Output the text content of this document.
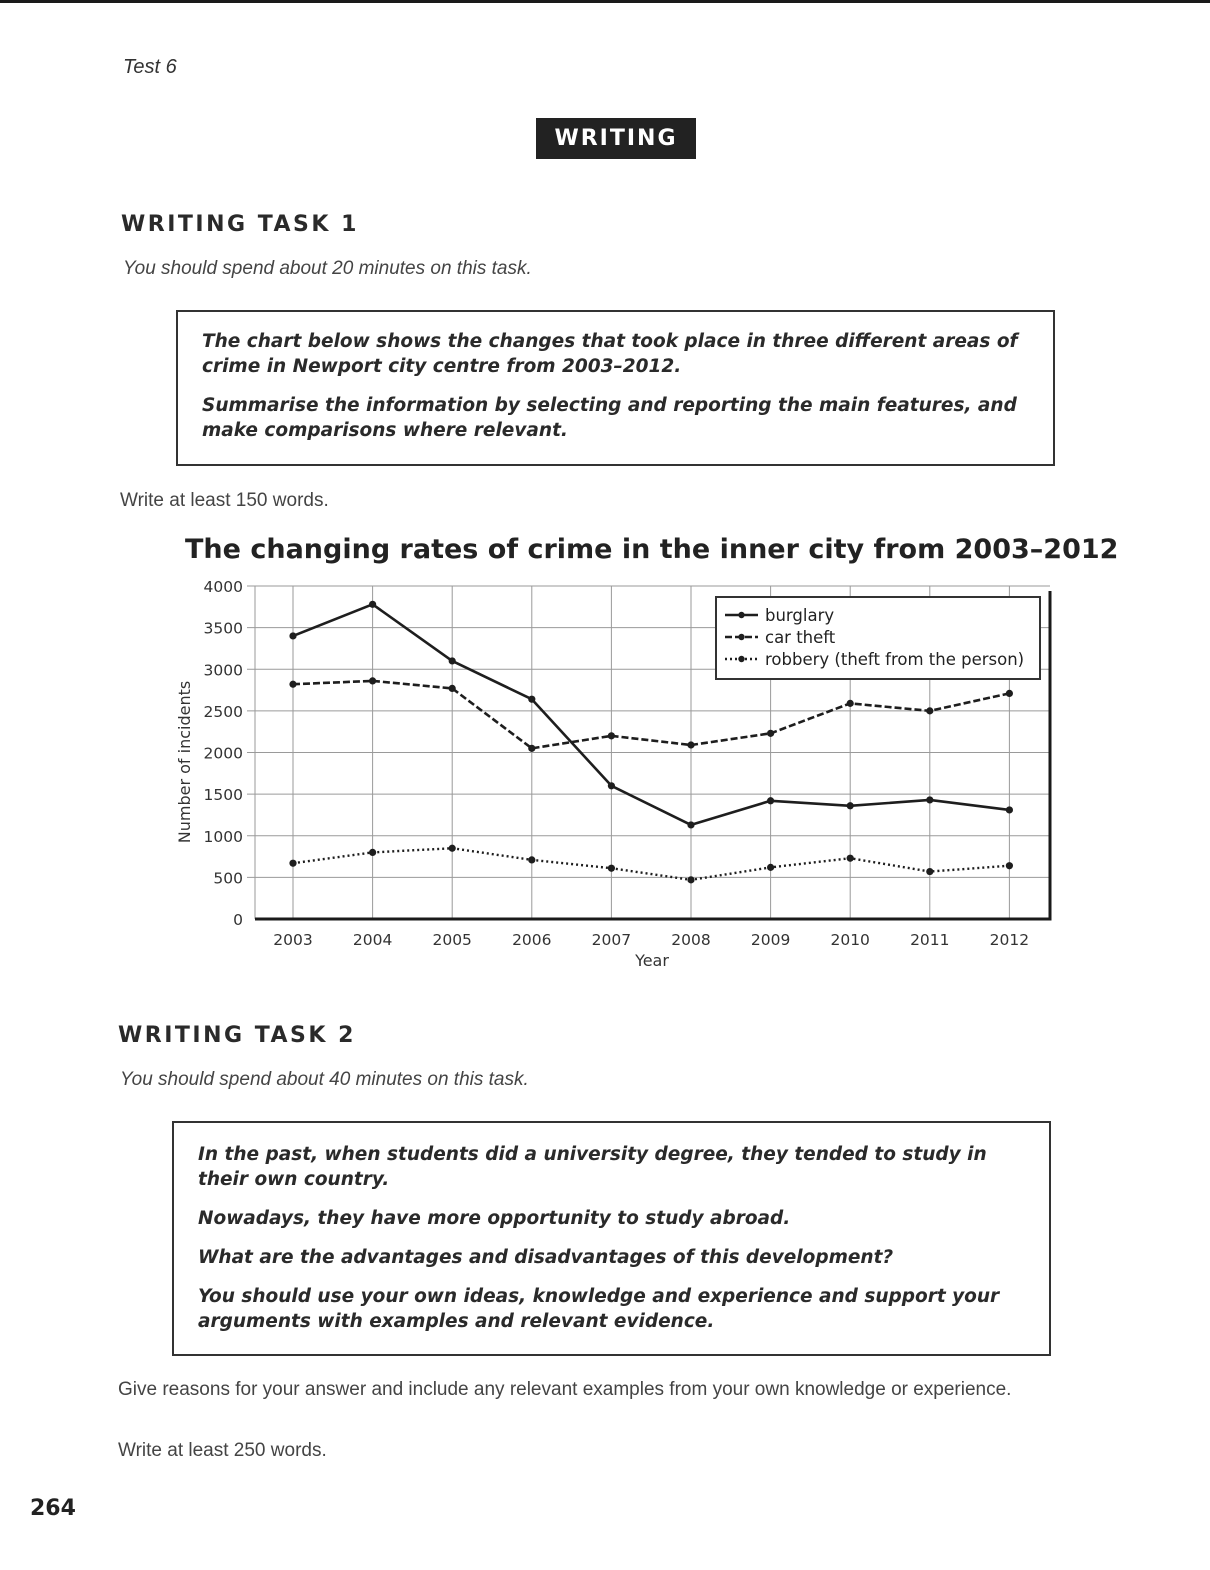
Test 6
WRITING
WRITING TASK 1
You should spend about 20 minutes on this task.

The chart below shows the changes that took place in three different areas of crime in Newport city centre from 2003–2012.

Summarise the information by selecting and reporting the main features, and make comparisons where relevant.

Write at least 150 words.
The changing rates of crime in the inner city from 2003–2012
0
500
1000
1500
2000
2500
3000
3500
4000
2003	2004	2005	2006	2007	2008	2009	2010	2011	2012
burglary
car theft
robbery (theft from the person)
Year
Number of incidents
WRITING TASK 2
You should spend about 40 minutes on this task.

In the past, when students did a university degree, they tended to study in their own country.

Nowadays, they have more opportunity to study abroad.

What are the advantages and disadvantages of this development?

You should use your own ideas, knowledge and experience and support your arguments with examples and relevant evidence.

Give reasons for your answer and include any relevant examples from your own knowledge or experience.
Write at least 250 words.
264
